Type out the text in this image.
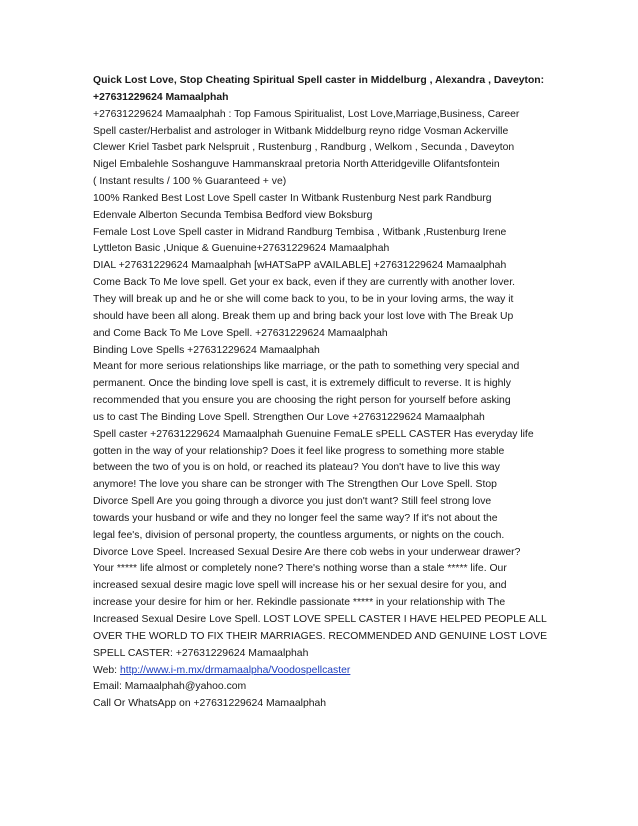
Quick Lost Love, Stop Cheating Spiritual Spell caster in Middelburg , Alexandra , Daveyton:
+27631229624 Mamaalphah
+27631229624 Mamaalphah : Top Famous Spiritualist, Lost Love,Marriage,Business, Career
Spell caster/Herbalist and astrologer in Witbank Middelburg reyno ridge Vosman Ackerville
Clewer Kriel Tasbet park Nelspruit , Rustenburg , Randburg , Welkom , Secunda , Daveyton
Nigel Embalehle Soshanguve Hammanskraal pretoria North Atteridgeville Olifantsfontein
( Instant results / 100 % Guaranteed + ve)
100% Ranked Best Lost Love Spell caster In Witbank Rustenburg Nest park Randburg
Edenvale Alberton Secunda Tembisa Bedford view Boksburg
Female Lost Love Spell caster in Midrand Randburg Tembisa , Witbank ,Rustenburg Irene
Lyttleton Basic ,Unique & Guenuine+27631229624 Mamaalphah
DIAL +27631229624 Mamaalphah [wHATSaPP aVAILABLE] +27631229624 Mamaalphah
Come Back To Me love spell. Get your ex back, even if they are currently with another lover.
They will break up and he or she will come back to you, to be in your loving arms, the way it
should have been all along. Break them up and bring back your lost love with The Break Up
and Come Back To Me Love Spell. +27631229624 Mamaalphah
Binding Love Spells +27631229624 Mamaalphah
Meant for more serious relationships like marriage, or the path to something very special and
permanent. Once the binding love spell is cast, it is extremely difficult to reverse. It is highly
recommended that you ensure you are choosing the right person for yourself before asking
us to cast The Binding Love Spell. Strengthen Our Love +27631229624 Mamaalphah
Spell caster +27631229624 Mamaalphah Guenuine FemaLE sPELL CASTER Has everyday life
gotten in the way of your relationship? Does it feel like progress to something more stable
between the two of you is on hold, or reached its plateau? You don't have to live this way
anymore! The love you share can be stronger with The Strengthen Our Love Spell. Stop
Divorce Spell Are you going through a divorce you just don't want? Still feel strong love
towards your husband or wife and they no longer feel the same way? If it's not about the
legal fee's, division of personal property, the countless arguments, or nights on the couch.
Divorce Love Speel. Increased Sexual Desire Are there cob webs in your underwear drawer?
Your ***** life almost or completely none? There's nothing worse than a stale ***** life. Our
increased sexual desire magic love spell will increase his or her sexual desire for you, and
increase your desire for him or her. Rekindle passionate ***** in your relationship with The
Increased Sexual Desire Love Spell. LOST LOVE SPELL CASTER I HAVE HELPED PEOPLE ALL
OVER THE WORLD TO FIX THEIR MARRIAGES. RECOMMENDED AND GENUINE LOST LOVE
SPELL CASTER: +27631229624 Mamaalphah
Web: http://www.i-m.mx/drmamaalpha/Voodospellcaster
Email: Mamaalphah@yahoo.com
Call Or WhatsApp on +27631229624 Mamaalphah
